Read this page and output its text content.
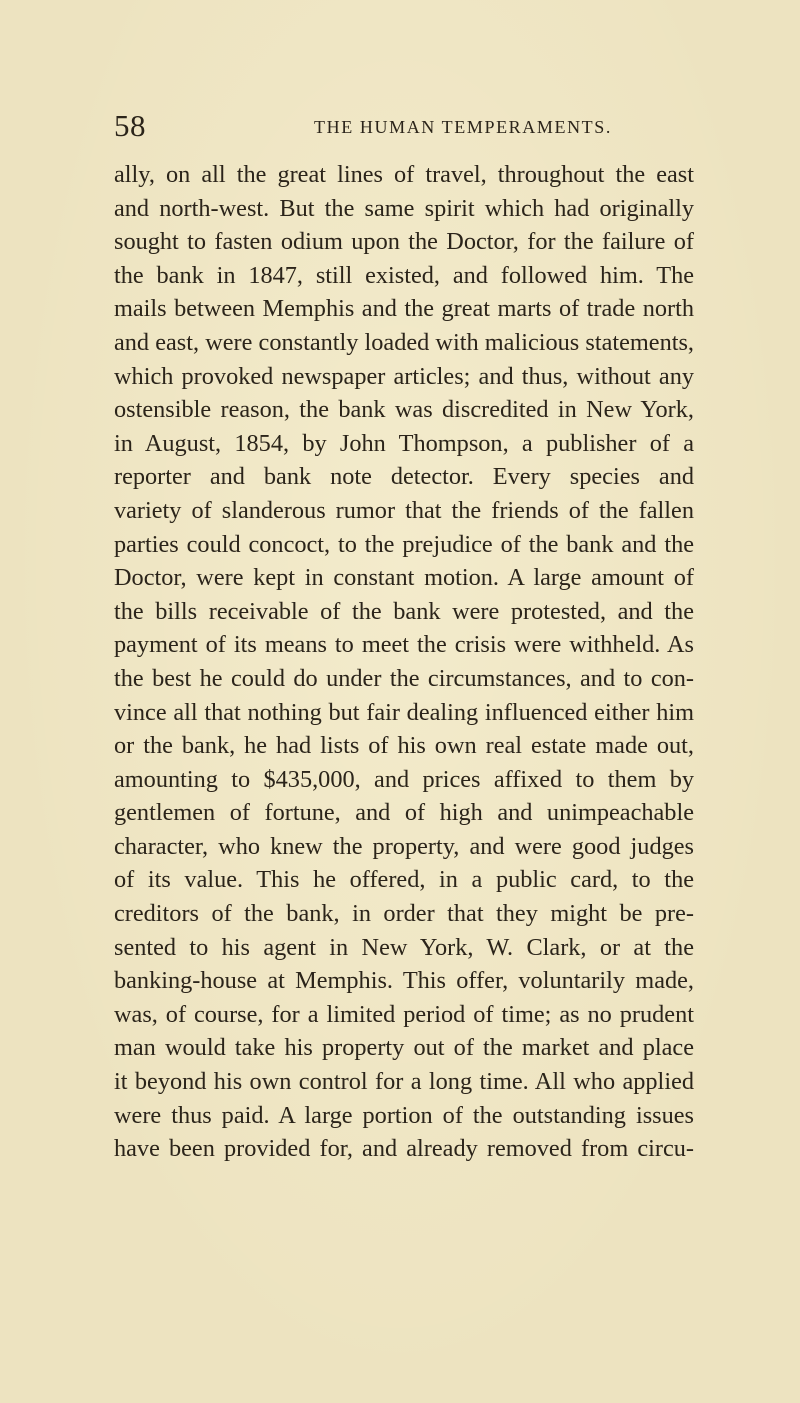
58	THE HUMAN TEMPERAMENTS.
ally, on all the great lines of travel, throughout the east
and north-west. But the same spirit which had originally
sought to fasten odium upon the Doctor, for the failure of
the bank in 1847, still existed, and followed him. The
mails between Memphis and the great marts of trade north
and east, were constantly loaded with malicious statements,
which provoked newspaper articles; and thus, without any
ostensible reason, the bank was discredited in New York,
in August, 1854, by John Thompson, a publisher of a
reporter and bank note detector. Every species and
variety of slanderous rumor that the friends of the fallen
parties could concoct, to the prejudice of the bank and the
Doctor, were kept in constant motion. A large amount of
the bills receivable of the bank were protested, and the
payment of its means to meet the crisis were withheld. As
the best he could do under the circumstances, and to con-
vince all that nothing but fair dealing influenced either him
or the bank, he had lists of his own real estate made out,
amounting to $435,000, and prices affixed to them by
gentlemen of fortune, and of high and unimpeachable
character, who knew the property, and were good judges
of its value. This he offered, in a public card, to the
creditors of the bank, in order that they might be pre-
sented to his agent in New York, W. Clark, or at the
banking-house at Memphis. This offer, voluntarily made,
was, of course, for a limited period of time; as no prudent
man would take his property out of the market and place
it beyond his own control for a long time. All who applied
were thus paid. A large portion of the outstanding issues
have been provided for, and already removed from circu-
